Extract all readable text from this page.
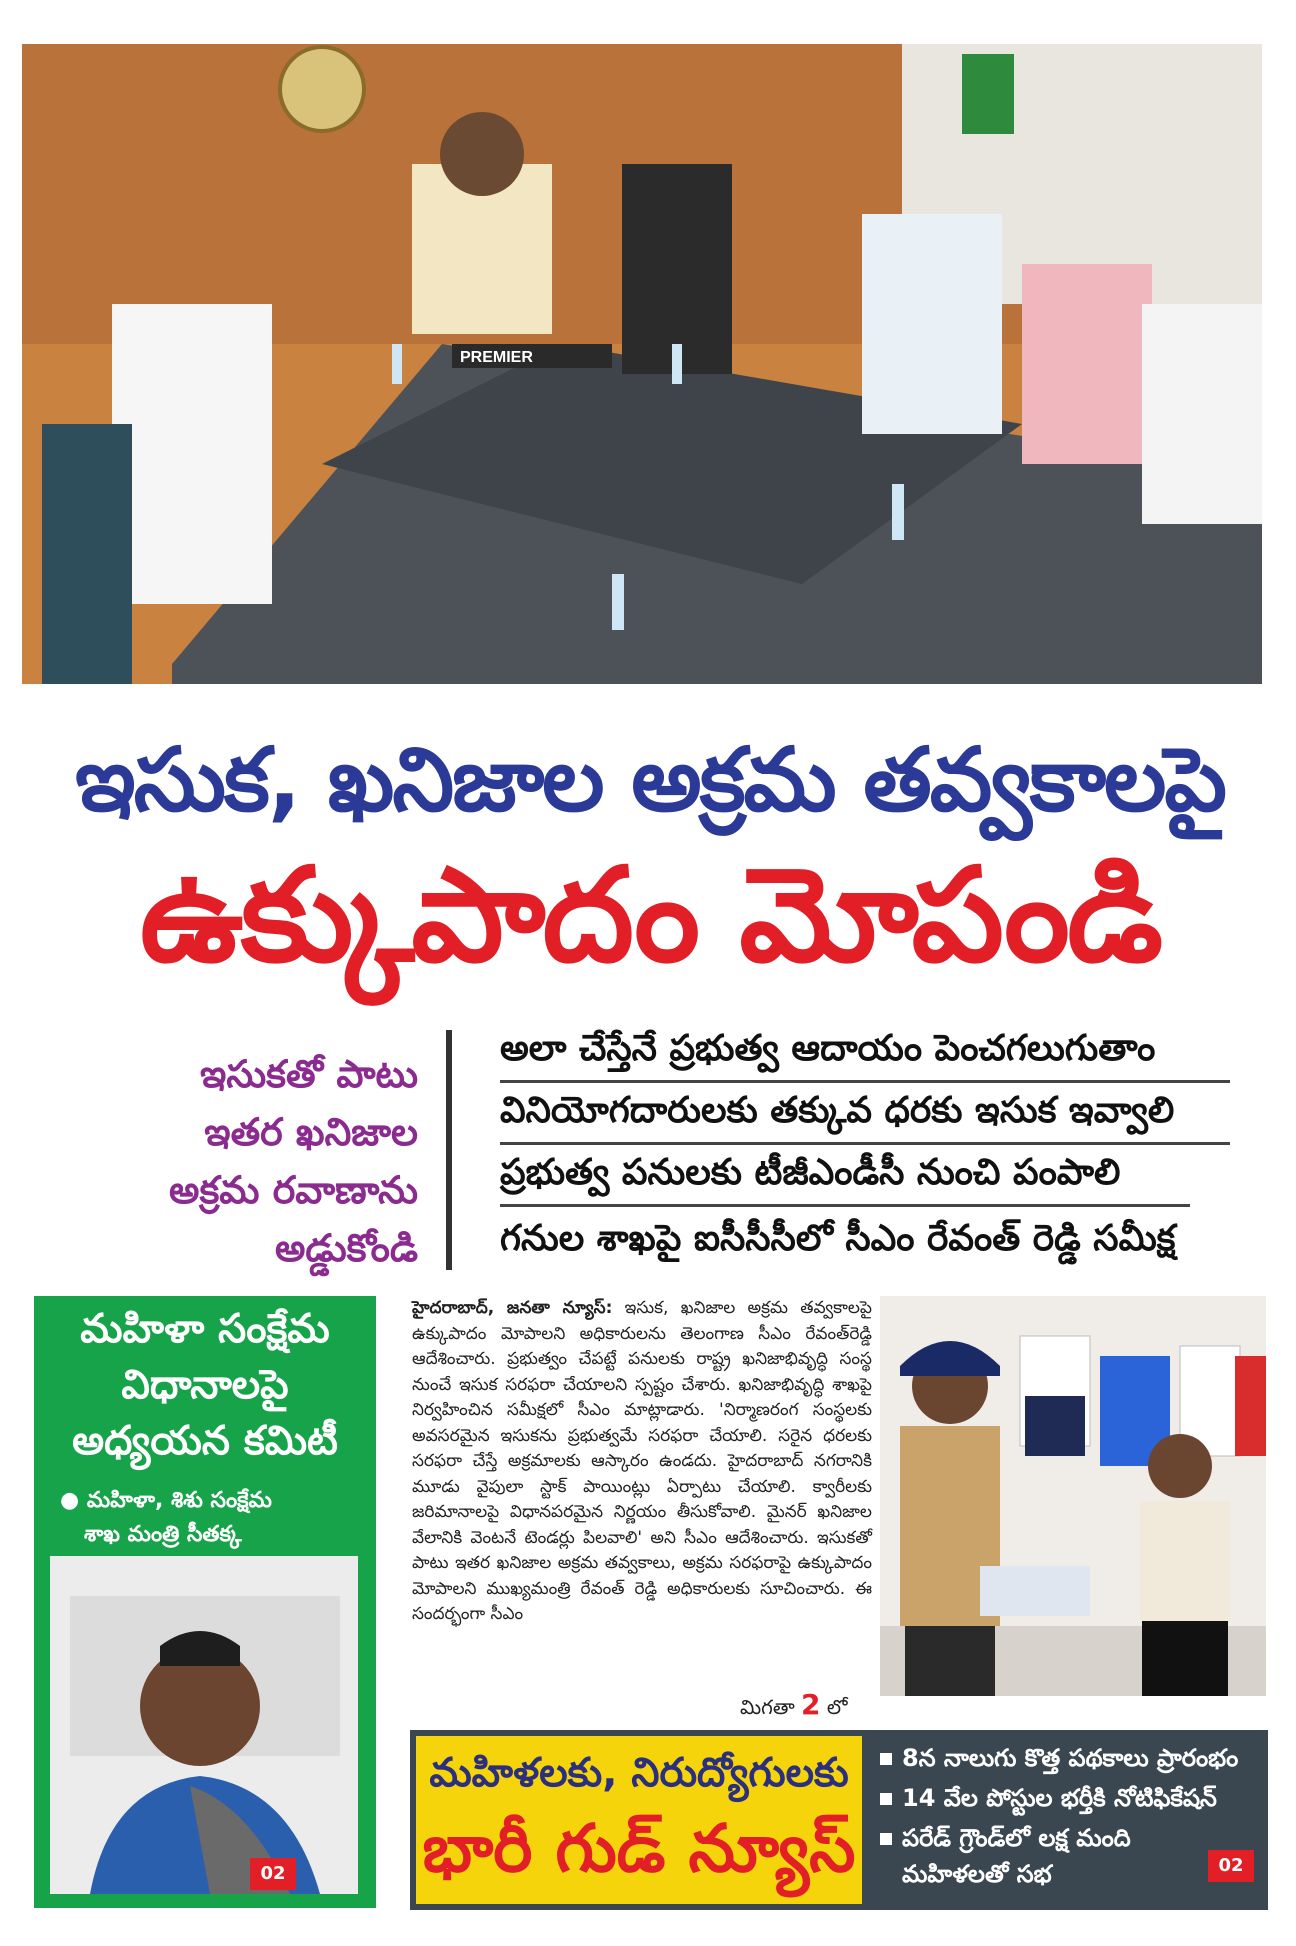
PREMIER
ఇసుక, ఖనిజాల అక్రమ తవ్వకాలపై
ఉక్కుపాదం మోపండి
ఇసుకతో పాటు
ఇతర ఖనిజాల
అక్రమ రవాణాను
అడ్డుకోండి
అలా చేస్తేనే ప్రభుత్వ ఆదాయం పెంచగలుగుతాం
వినియోగదారులకు తక్కువ ధరకు ఇసుక ఇవ్వాలి
ప్రభుత్వ పనులకు టీజీఎండీసీ నుంచి పంపాలి
గనుల శాఖపై ఐసీసీసీలో సీఎం రేవంత్ రెడ్డి సమీక్ష
మహిళా సంక్షేమ
విధానాలపై
అధ్యయన కమిటీ
● మహిళా, శిశు సంక్షేమ
శాఖ మంత్రి సీతక్క
02
హైదరాబాద్, జనతా న్యూస్: ఇసుక, ఖనిజాల అక్రమ తవ్వకాలపై ఉక్కుపాదం మోపాలని అధికారులను తెలంగాణ సీఎం రేవంత్‌రెడ్డి ఆదేశించారు. ప్రభుత్వం చేపట్టే పనులకు రాష్ట్ర ఖనిజాభివృద్ధి సంస్థ నుంచే ఇసుక సరఫరా చేయాలని స్పష్టం చేశారు. ఖనిజాభివృద్ధి శాఖపై నిర్వహించిన సమీక్షలో సీఎం మాట్లాడారు. 'నిర్మాణరంగ సంస్థలకు అవసరమైన ఇసుకను ప్రభుత్వమే సరఫరా చేయాలి. సరైన ధరలకు సరఫరా చేస్తే అక్రమాలకు ఆస్కారం ఉండదు. హైదరాబాద్ నగరానికి మూడు వైపులా స్టాక్ పాయింట్లు ఏర్పాటు చేయాలి. క్వారీలకు జరిమానాలపై విధానపరమైన నిర్ణయం తీసుకోవాలి. మైనర్ ఖనిజాల వేలానికి వెంటనే టెండర్లు పిలవాలి' అని సీఎం ఆదేశించారు. ఇసుకతో పాటు ఇతర ఖనిజాల అక్రమ తవ్వకాలు, అక్రమ సరఫరాపై ఉక్కుపాదం మోపాలని ముఖ్యమంత్రి రేవంత్ రెడ్డి అధికారులకు సూచించారు. ఈ సందర్భంగా సీఎం
మిగతా 2 లో
మహిళలకు, నిరుద్యోగులకు
భారీ గుడ్ న్యూస్
8న నాలుగు కొత్త పథకాలు ప్రారంభం
14 వేల పోస్టుల భర్తీకి నోటిఫికేషన్
పరేడ్ గ్రౌండ్‌లో లక్ష మంది
మహిళలతో సభ	02
